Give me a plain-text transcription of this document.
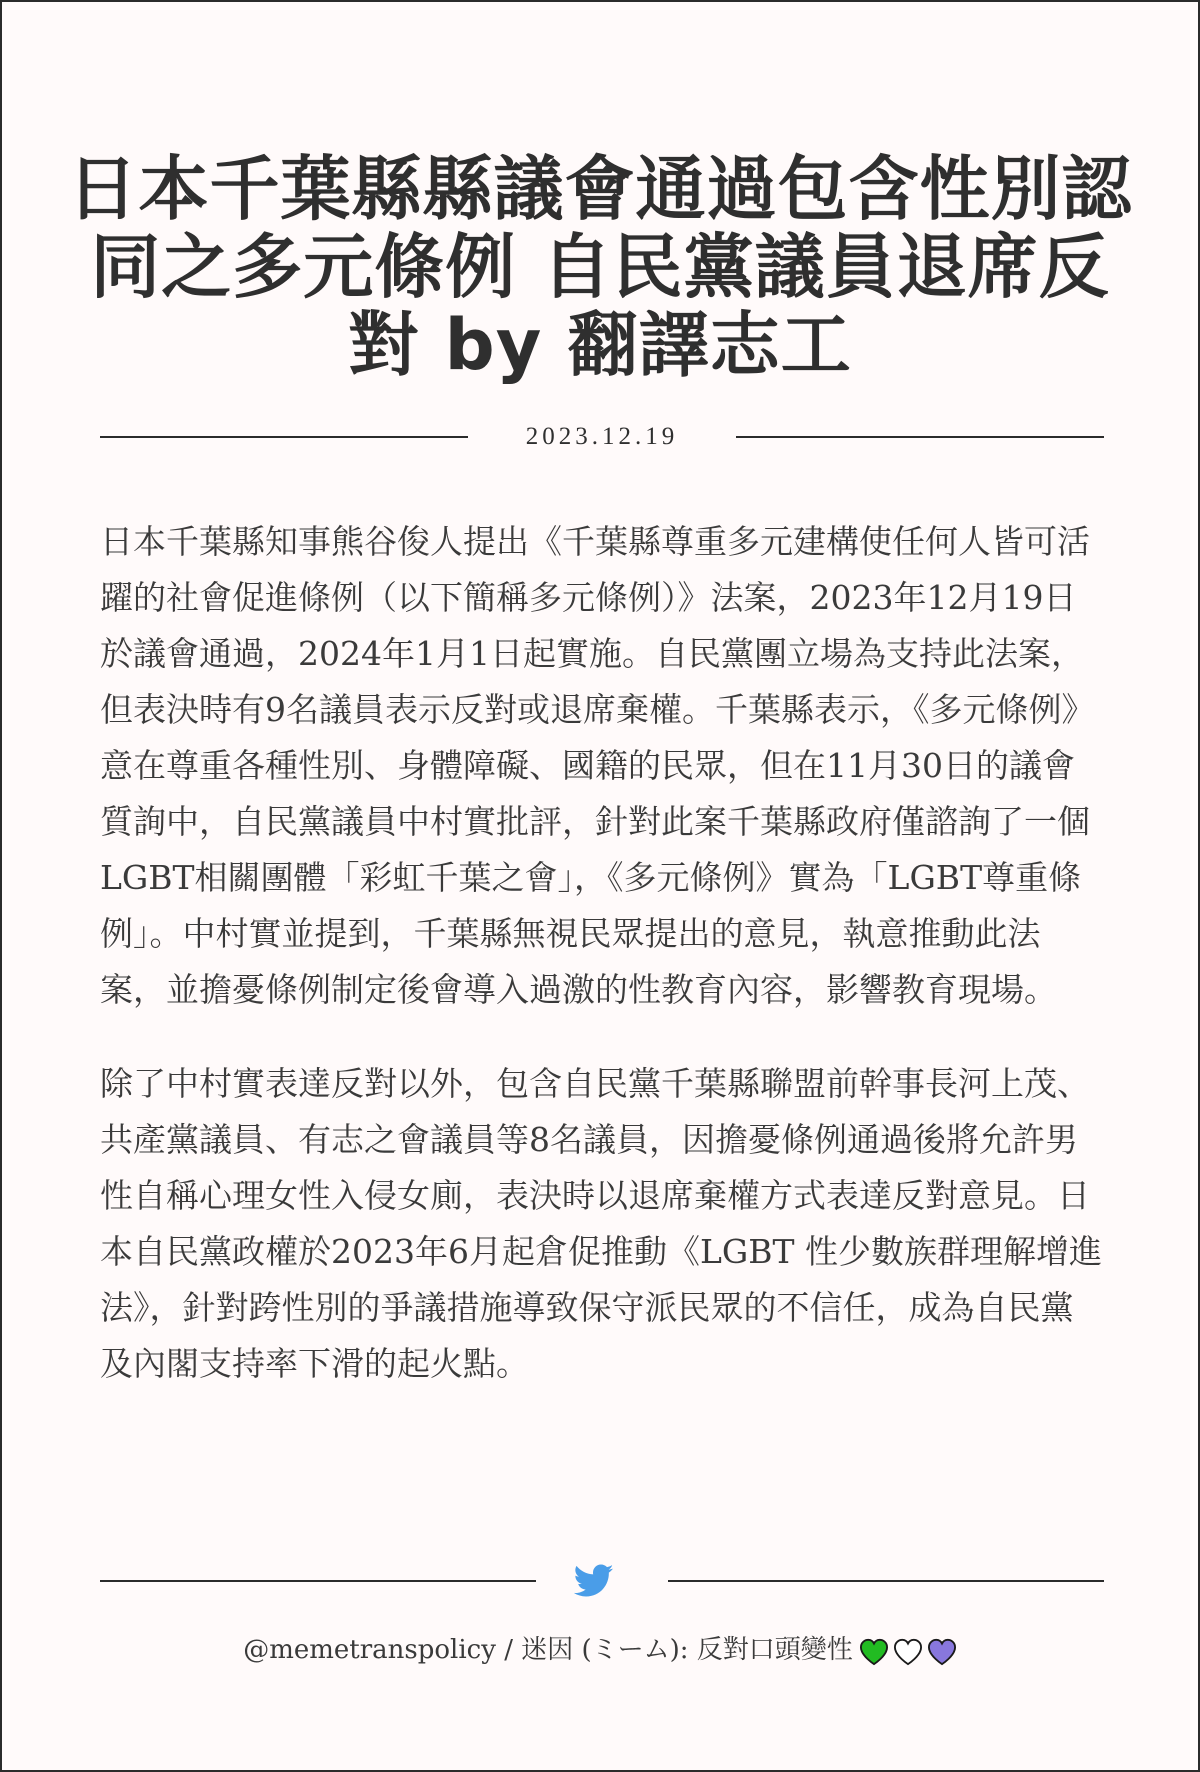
日本千葉縣縣議會通過包含性別認同之多元條例 自民黨議員退席反對 by 翻譯志工
2023.12.19

日本千葉縣知事熊谷俊人提出《千葉縣尊重多元建構使任何人皆可活躍的社會促進條例（以下簡稱多元條例）》法案，2023年12月19日於議會通過，2024年1月1日起實施。自民黨團立場為支持此法案，但表決時有9名議員表示反對或退席棄權。千葉縣表示，《多元條例》意在尊重各種性別、身體障礙、國籍的民眾，但在11月30日的議會質詢中，自民黨議員中村實批評，針對此案千葉縣政府僅諮詢了一個LGBT相關團體「彩虹千葉之會」，《多元條例》實為「LGBT尊重條例」。中村實並提到，千葉縣無視民眾提出的意見，執意推動此法案，並擔憂條例制定後會導入過激的性教育內容，影響教育現場。

除了中村實表達反對以外，包含自民黨千葉縣聯盟前幹事長河上茂、共產黨議員、有志之會議員等8名議員，因擔憂條例通過後將允許男性自稱心理女性入侵女廁，表決時以退席棄權方式表達反對意見。日本自民黨政權於2023年6月起倉促推動《LGBT 性少數族群理解增進法》，針對跨性別的爭議措施導致保守派民眾的不信任，成為自民黨及內閣支持率下滑的起火點。

@memetranspolicy / 迷因 (ミーム): 反對口頭變性
